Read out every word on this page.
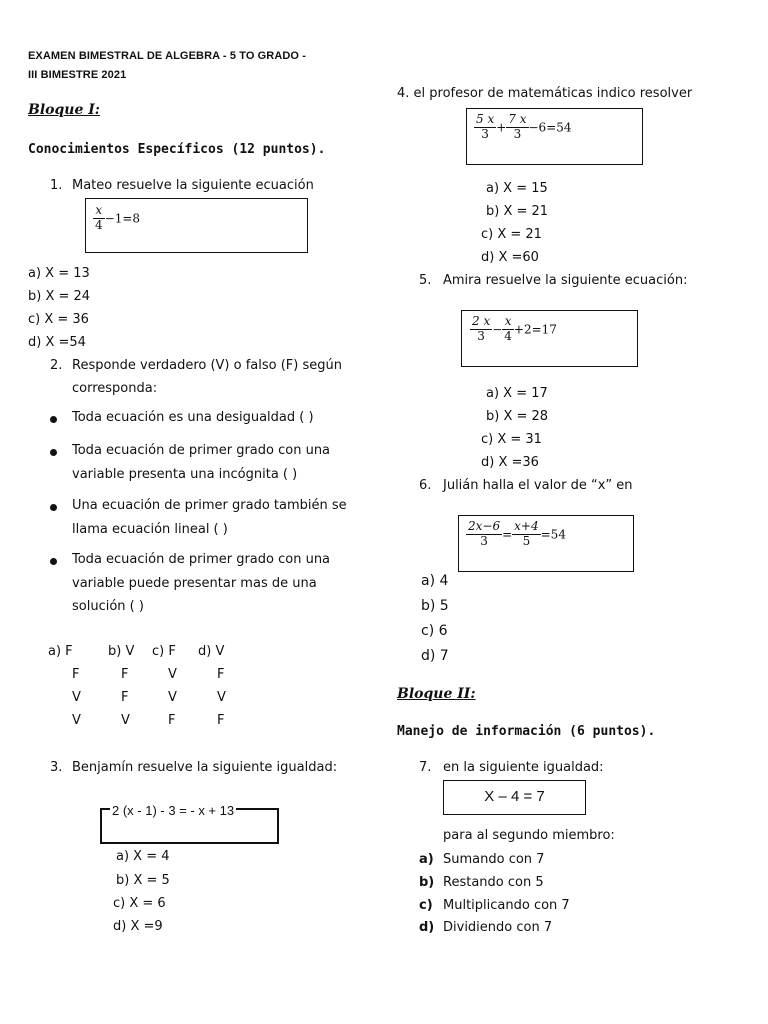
EXAMEN BIMESTRAL DE ALGEBRA - 5 TO GRADO -
III BIMESTRE 2021
Bloque I:
Conocimientos Específicos (12 puntos).
1. Mateo resuelve la siguiente ecuación
$\frac{x}{4} -1=8$
a) X = 13
b) X = 24
c) X = 36
d) X =54
2. Responde verdadero (V) o falso (F) según
corresponda:
Toda ecuación es una desigualdad ( )
Toda ecuación de primer grado con una
variable presenta una incógnita ( )
Una ecuación de primer grado también se
llama ecuación lineal ( )
Toda ecuación de primer grado con una
variable puede presentar mas de una
solución ( )
a) F	b) V c) F d) V
F	F	V	F
V	F	V	V
V	V	F	F
3. Benjamín resuelve la siguiente igualdad:
2 (x - 1) - 3 = - x + 13
a) X = 4
b) X = 5
c) X = 6
d) X =9
4. el profesor de matemáticas indico resolver
$\frac{5 x}{3} + \frac{7 x}{3} -6=54$
a) X = 15
b) X = 21
c) X = 21
d) X =60
5. Amira resuelve la siguiente ecuación:
$\frac{2 x}{3} - \frac{x}{4} +2=17$
a) X = 17
b) X = 28
c) X = 31
d) X =36
6. Julián halla el valor de “x” en
$\frac{2x-6}{3} = \frac{x+4}{5} =54$
a) 4
b) 5
c) 6
d) 7
Bloque II:
Manejo de información (6 puntos).
7. en la siguiente igualdad:
X – 4 = 7
para al segundo miembro:
a) Sumando con 7
b) Restando con 5
c) Multiplicando con 7
d) Dividiendo con 7
